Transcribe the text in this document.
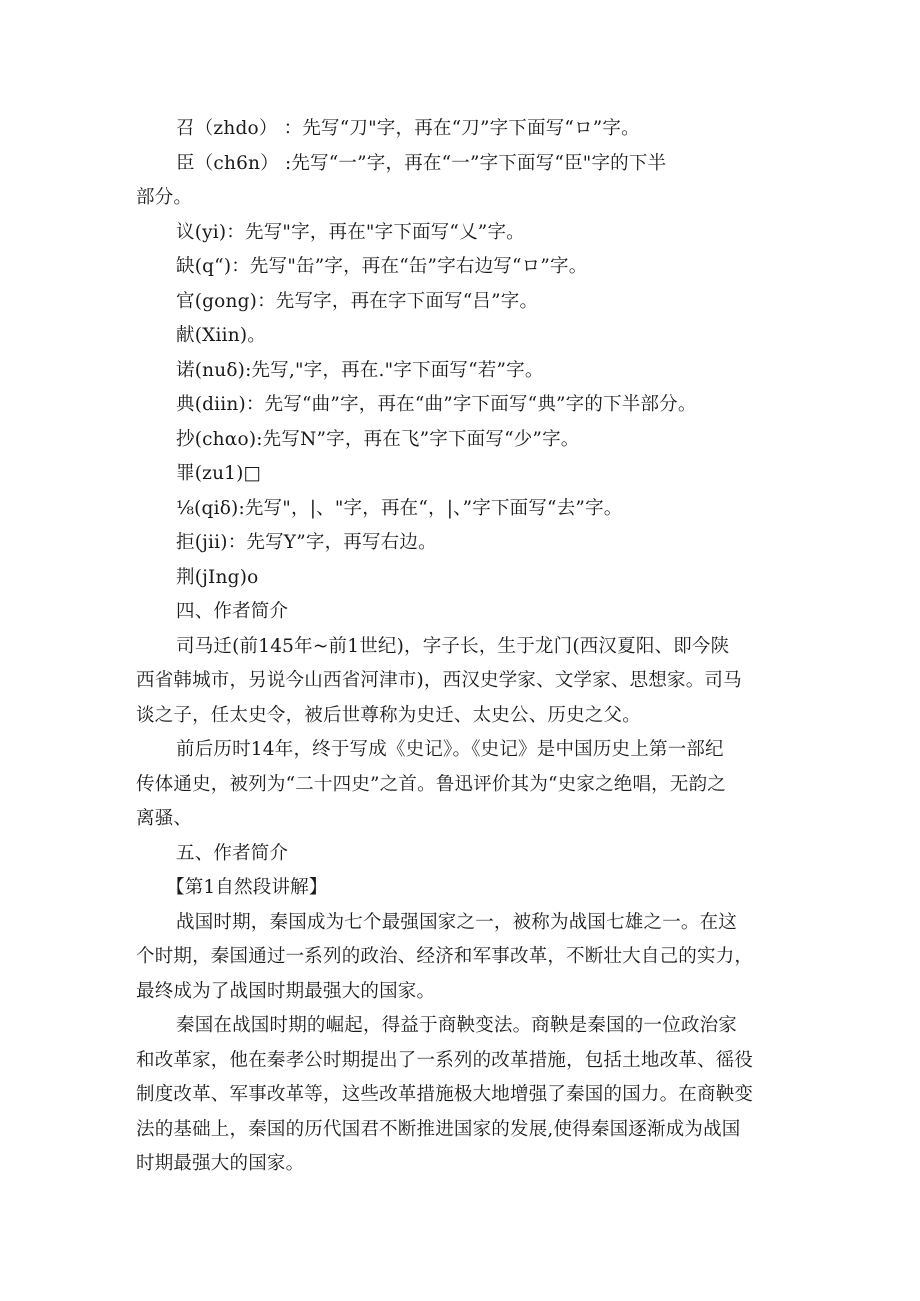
召（zhdo） ：先写“刀"字，再在“刀”字下面写“ロ”字。
臣（ch6n） :先写“一”字，再在“一”字下面写“臣"字的下半
部分。
议(yi)：先写"字，再在"字下面写“乂”字。
缺(q“)：先写"缶”字，再在“缶”字右边写“ロ”字。
官(gong)：先写字，再在字下面写“吕”字。
献(Xiin)。
诺(nuδ):先写,"字，再在."字下面写“若”字。
典(diin)：先写“曲”字，再在“曲”字下面写“典”字的下半部分。
抄(chαo):先写N”字，再在飞”字下面写“少”字。
罪(zu1)□
⅛(qiδ):先写"，|、"字，再在“，|、”字下面写“去”字。
拒(jii)：先写Y”字，再写右边。
荆(jIng)o
四、作者简介
司马迁(前145年~前1世纪)，字子长，生于龙门(西汉夏阳、即今陕
西省韩城市，另说今山西省河津市)，西汉史学家、文学家、思想家。司马
谈之子，任太史令，被后世尊称为史迁、太史公、历史之父。
前后历时14年，终于写成《史记》。《史记》是中国历史上第一部纪
传体通史，被列为“二十四史”之首。鲁迅评价其为“史家之绝唱，无韵之
离骚、
五、作者简介
【第1自然段讲解】
战国时期，秦国成为七个最强国家之一，被称为战国七雄之一。在这
个时期，秦国通过一系列的政治、经济和军事改革，不断壮大自己的实力，
最终成为了战国时期最强大的国家。
秦国在战国时期的崛起，得益于商鞅变法。商鞅是秦国的一位政治家
和改革家，他在秦孝公时期提出了一系列的改革措施，包括土地改革、徭役
制度改革、军事改革等，这些改革措施极大地增强了秦国的国力。在商鞅变
法的基础上，秦国的历代国君不断推进国家的发展,使得秦国逐渐成为战国
时期最强大的国家。
